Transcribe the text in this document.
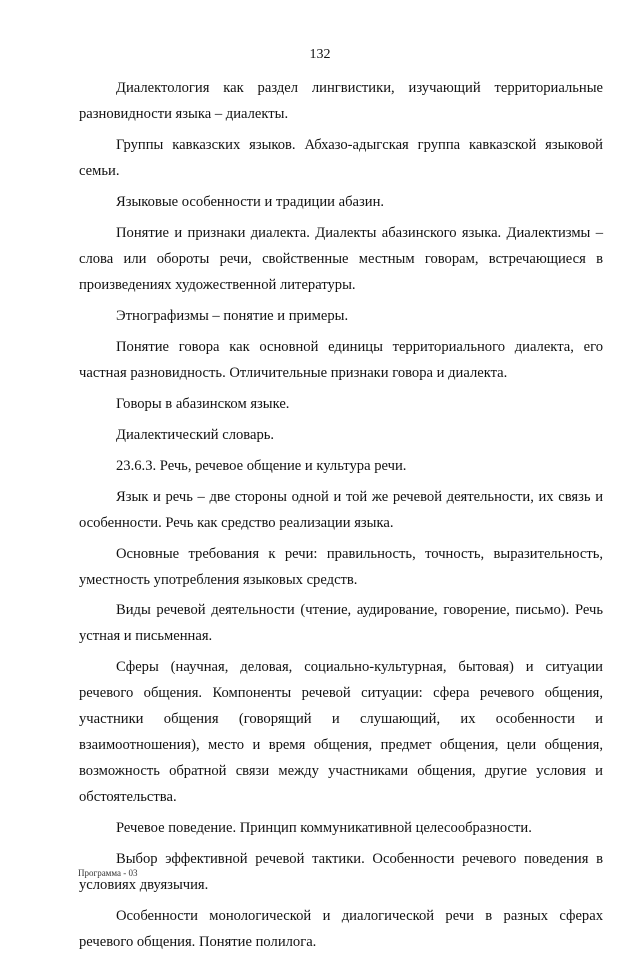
132

Диалектология как раздел лингвистики, изучающий территориальные разновидности языка – диалекты.

Группы кавказских языков. Абхазо-адыгская группа кавказской языковой семьи.

Языковые особенности и традиции абазин.

Понятие и признаки диалекта. Диалекты абазинского языка. Диалектизмы – слова или обороты речи, свойственные местным говорам, встречающиеся в произведениях художественной литературы.

Этнографизмы – понятие и примеры.

Понятие говора как основной единицы территориального диалекта, его частная разновидность. Отличительные признаки говора и диалекта.

Говоры в абазинском языке.

Диалектический словарь.

23.6.3. Речь, речевое общение и культура речи.

Язык и речь – две стороны одной и той же речевой деятельности, их связь и особенности. Речь как средство реализации языка.

Основные требования к речи: правильность, точность, выразительность, уместность употребления языковых средств.

Виды речевой деятельности (чтение, аудирование, говорение, письмо). Речь устная и письменная.

Сферы (научная, деловая, социально-культурная, бытовая) и ситуации речевого общения. Компоненты речевой ситуации: сфера речевого общения, участники общения (говорящий и слушающий, их особенности и взаимоотношения), место и время общения, предмет общения, цели общения, возможность обратной связи между участниками общения, другие условия и обстоятельства.

Речевое поведение. Принцип коммуникативной целесообразности.

Выбор эффективной речевой тактики. Особенности речевого поведения в условиях двуязычия.

Особенности монологической и диалогической речи в разных сферах речевого общения. Понятие полилога.

Программа - 03
